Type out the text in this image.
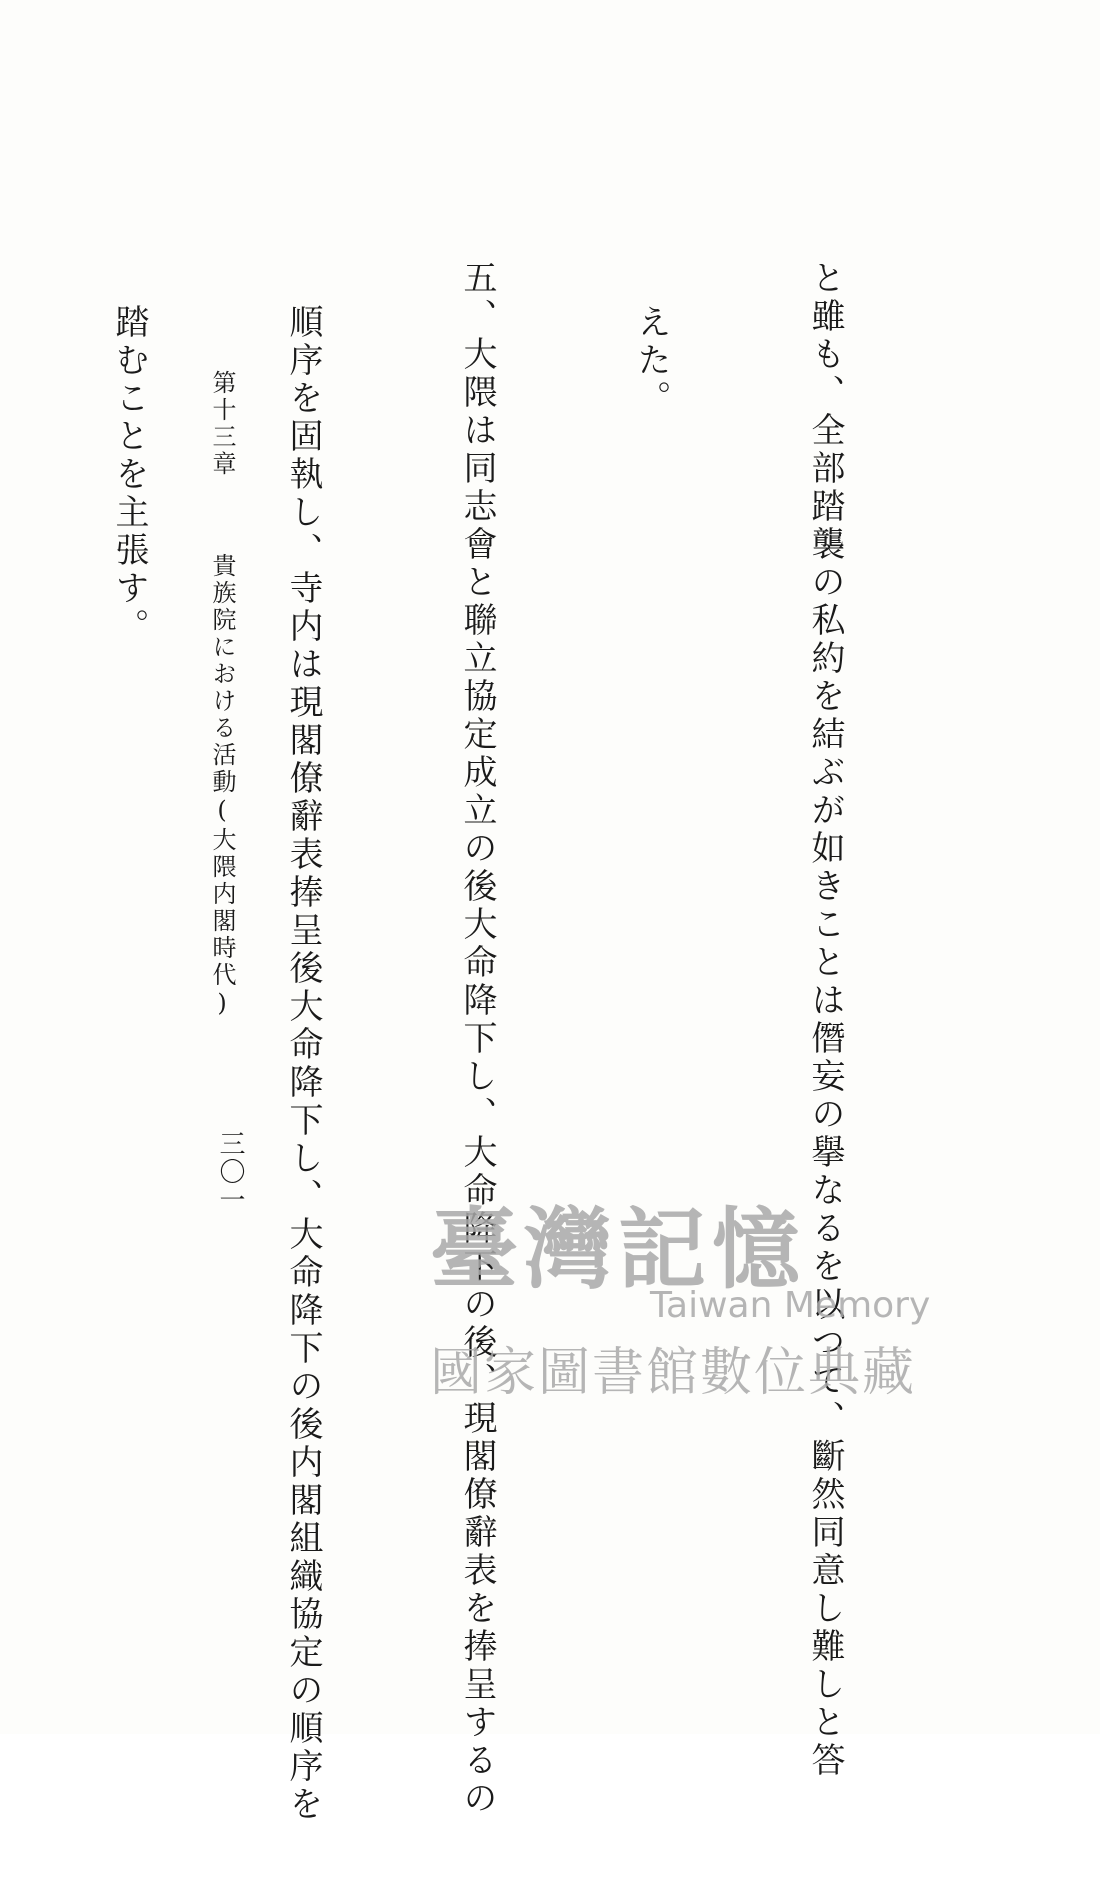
と雖も、全部踏襲の私約を結ぶが如きことは僭妄の擧なるを以つて、斷然同意し難しと答

えた。

五、大隈は同志會と聯立協定成立の後大命降下し、大命降下の後、現閣僚辭表を捧呈するの

順序を固執し、寺内は現閣僚辭表捧呈後大命降下し、大命降下の後内閣組織協定の順序を

踏むことを主張す。

	第十三章 貴族院における活動(大隈内閣時代)
三〇一
臺灣記憶
Taiwan Memory
國家圖書館數位典藏
